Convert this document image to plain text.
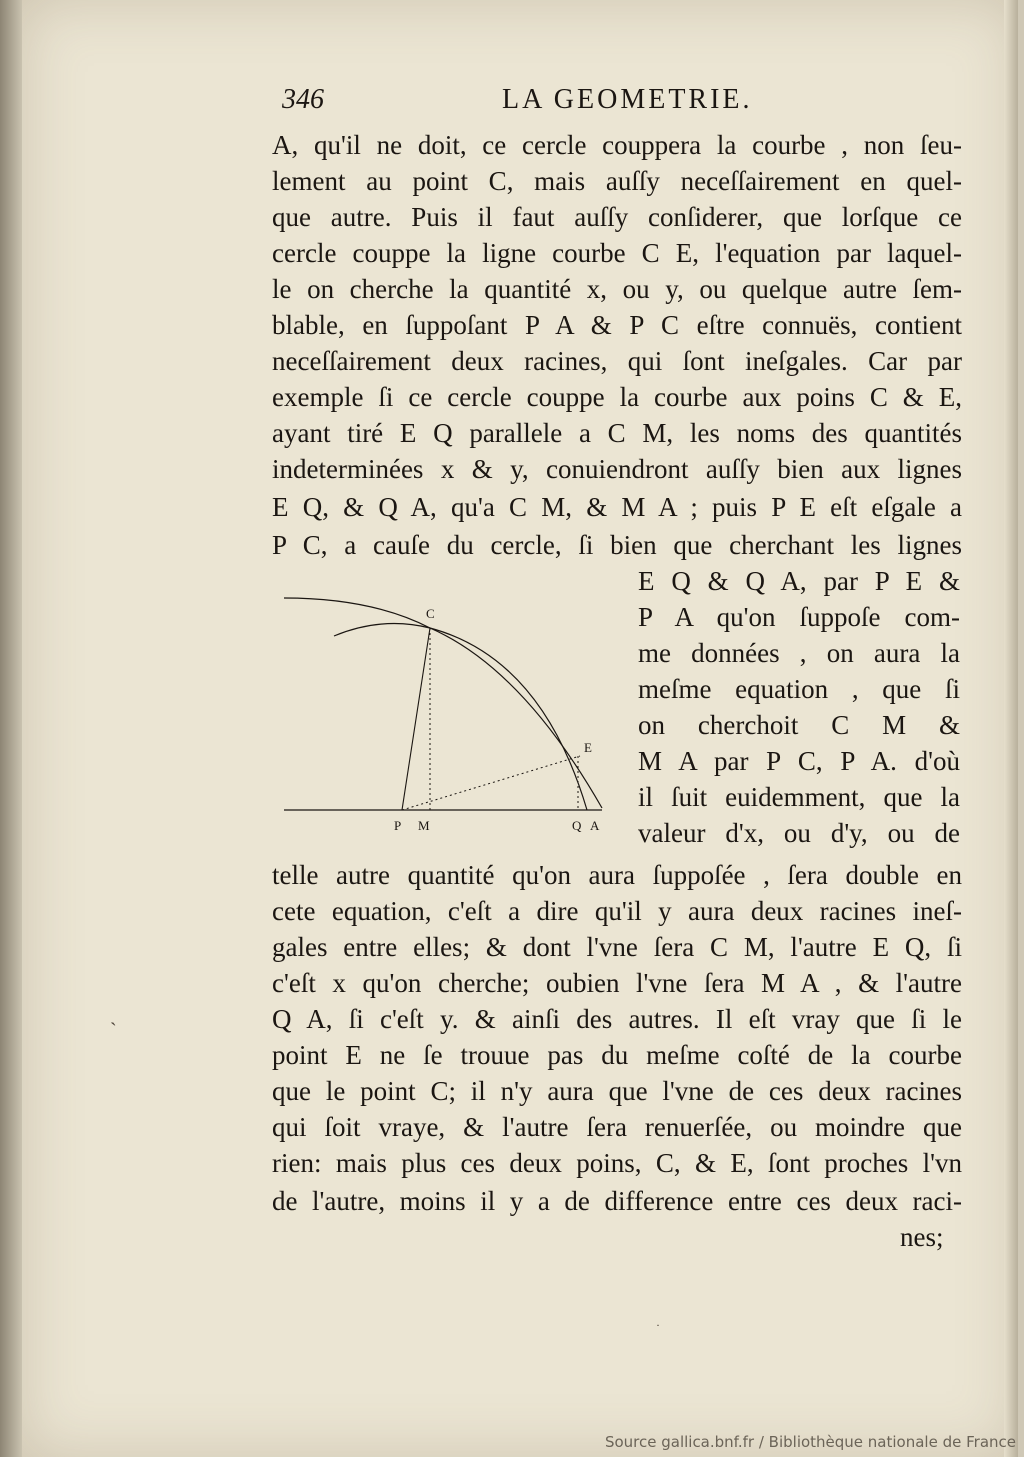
346	LA GEOMETRIE.
A, qu'il ne doit, ce cercle couppera la courbe , non ſeu-
lement au point C, mais auſſy neceſſairement en quel-
que autre. Puis il faut auſſy conſiderer, que lorſque ce
cercle couppe la ligne courbe C E, l'equation par laquel-
le on cherche la quantité x, ou y, ou quelque autre ſem-
blable, en ſuppoſant P A & P C eſtre connuës, contient
neceſſairement deux racines, qui ſont ineſgales. Car par
exemple ſi ce cercle couppe la courbe aux poins C & E,
ayant tiré E Q parallele a C M, les noms des quantités
indeterminées x & y, conuiendront auſſy bien aux lignes
E Q, & Q A, qu'a C M, & M A ; puis P E eſt eſgale a
P C, a cauſe du cercle, ſi bien que cherchant les lignes
E Q & Q A, par P E &
P A qu'on ſuppoſe com-
me données , on aura la
meſme equation , que ſi
on cherchoit C M &
M A par P C, P A. d'où
il ſuit euidemment, que la
valeur d'x, ou d'y, ou de
C
E
P M	Q A
telle autre quantité qu'on aura ſuppoſée , ſera double en
cete equation, c'eſt a dire qu'il y aura deux racines ineſ-
gales entre elles; & dont l'vne ſera C M, l'autre E Q, ſi
c'eſt x qu'on cherche; oubien l'vne ſera M A , & l'autre
Q A, ſi c'eſt y. & ainſi des autres. Il eſt vray que ſi le
point E ne ſe trouue pas du meſme coſté de la courbe
que le point C; il n'y aura que l'vne de ces deux racines
qui ſoit vraye, & l'autre ſera renuerſée, ou moindre que
rien: mais plus ces deux poins, C, & E, ſont proches l'vn
de l'autre, moins il y a de difference entre ces deux raci-
nes;
ˎ
·
Source gallica.bnf.fr / Bibliothèque nationale de France
